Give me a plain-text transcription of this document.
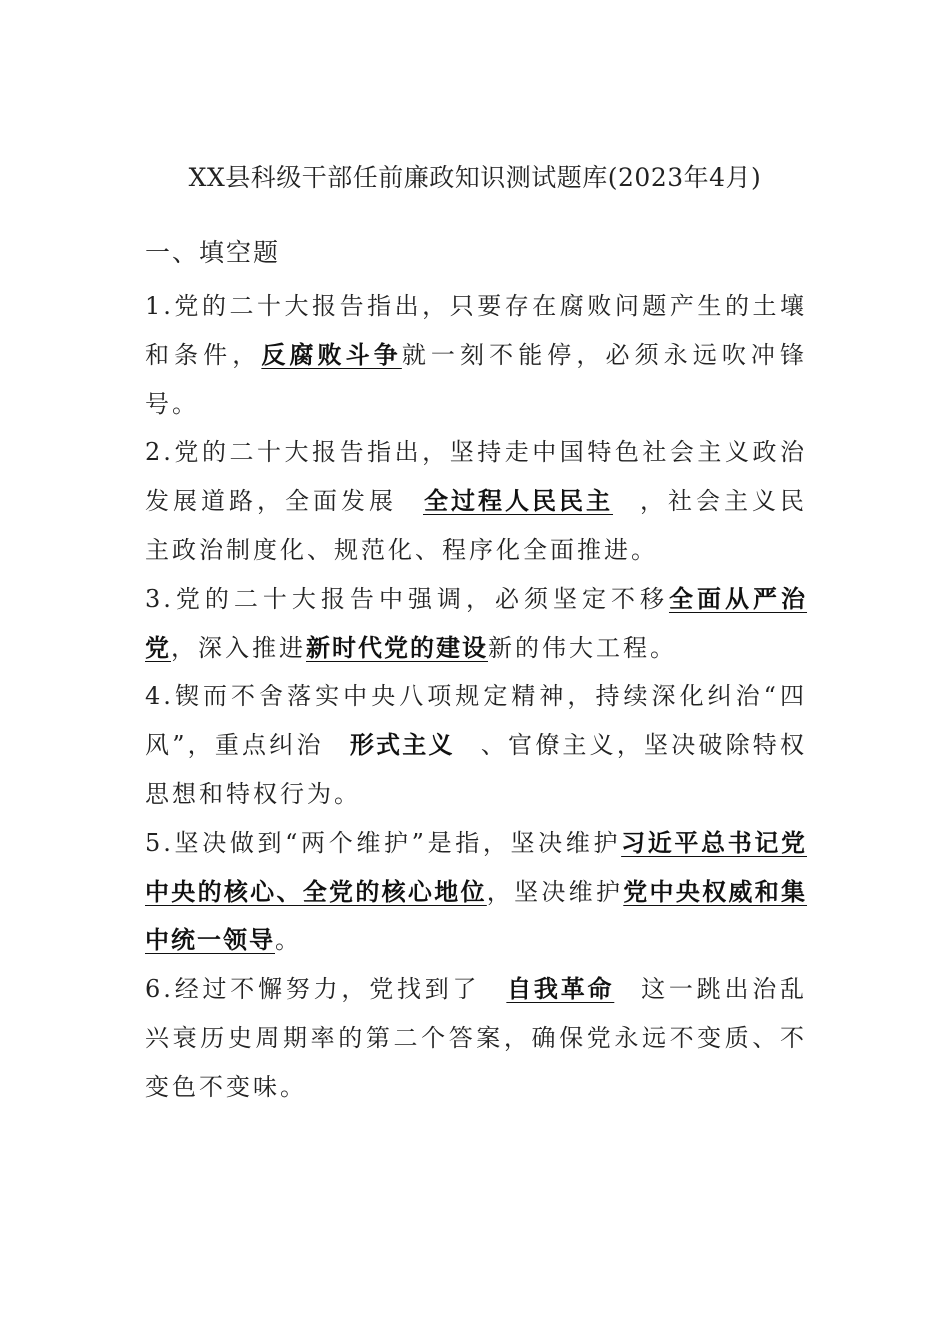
XX县科级干部任前廉政知识测试题库(2023年4月)
一、填空题

1.党的二十大报告指出，只要存在腐败问题产生的土壤和条件，反腐败斗争就一刻不能停，必须永远吹冲锋号。

2.党的二十大报告指出，坚持走中国特色社会主义政治发展道路，全面发展 全过程人民民主 ，社会主义民主政治制度化、规范化、程序化全面推进。

3.党的二十大报告中强调，必须坚定不移全面从严治党，深入推进新时代党的建设新的伟大工程。

4.锲而不舍落实中央八项规定精神，持续深化纠治“四风”，重点纠治 形式主义 、官僚主义，坚决破除特权思想和特权行为。

5.坚决做到“两个维护”是指，坚决维护习近平总书记党中央的核心、全党的核心地位，坚决维护党中央权威和集中统一领导。

6.经过不懈努力，党找到了 自我革命 这一跳出治乱兴衰历史周期率的第二个答案，确保党永远不变质、不变色不变味。
